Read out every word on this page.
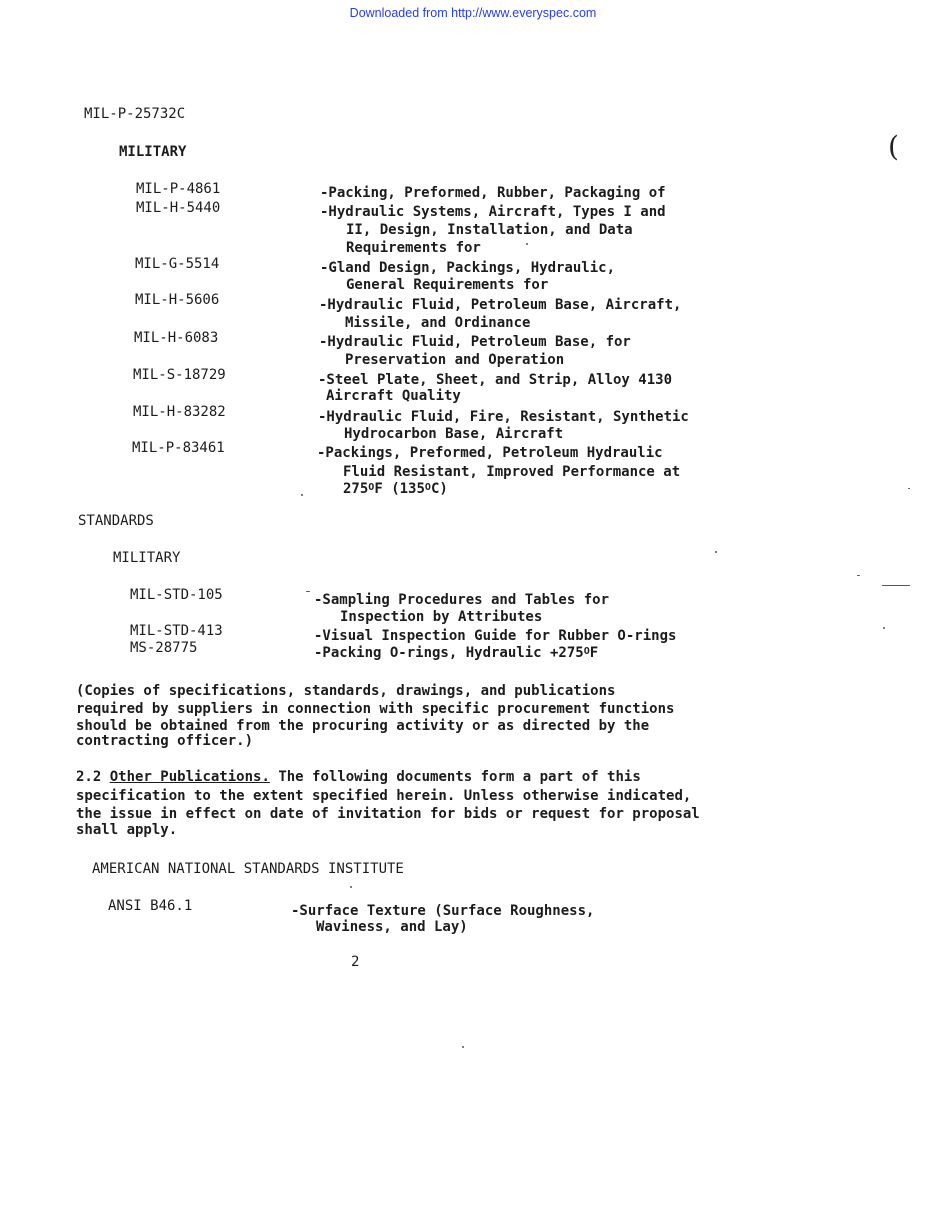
Downloaded from http://www.everyspec.com
MIL-P-25732C
(
MILITARY
MIL-P-4861	-Packing, Preformed, Rubber, Packaging of
MIL-H-5440	-Hydraulic Systems, Aircraft, Types I and
II, Design, Installation, and Data
Requirements for
MIL-G-5514	-Gland Design, Packings, Hydraulic,
General Requirements for
MIL-H-5606	-Hydraulic Fluid, Petroleum Base, Aircraft,
Missile, and Ordinance
MIL-H-6083	-Hydraulic Fluid, Petroleum Base, for
Preservation and Operation
MIL-S-18729	-Steel Plate, Sheet, and Strip, Alloy 4130
Aircraft Quality
MIL-H-83282	-Hydraulic Fluid, Fire, Resistant, Synthetic
Hydrocarbon Base, Aircraft
MIL-P-83461	-Packings, Preformed, Petroleum Hydraulic
Fluid Resistant, Improved Performance at
$275^OF$ $(135^OC)$
STANDARDS
MILITARY
MIL-STD-105	-Sampling Procedures and Tables for
Inspection by Attributes
MIL-STD-413	-Visual Inspection Guide for Rubber O-rings
MS-28775	-Packing O-rings, Hydraulic $+275^OF$
(Copies of specifications, standards, drawings, and publications
required by suppliers in connection with specific procurement functions
should be obtained from the procuring activity or as directed by the
contracting officer.)
2.2 Other Publications. The following documents form a part of this
specification to the extent specified herein. Unless otherwise indicated,
the issue in effect on date of invitation for bids or request for proposal
shall apply.
AMERICAN NATIONAL STANDARDS INSTITUTE
ANSI B46.1	-Surface Texture (Surface Roughness,
Waviness, and Lay)
2
